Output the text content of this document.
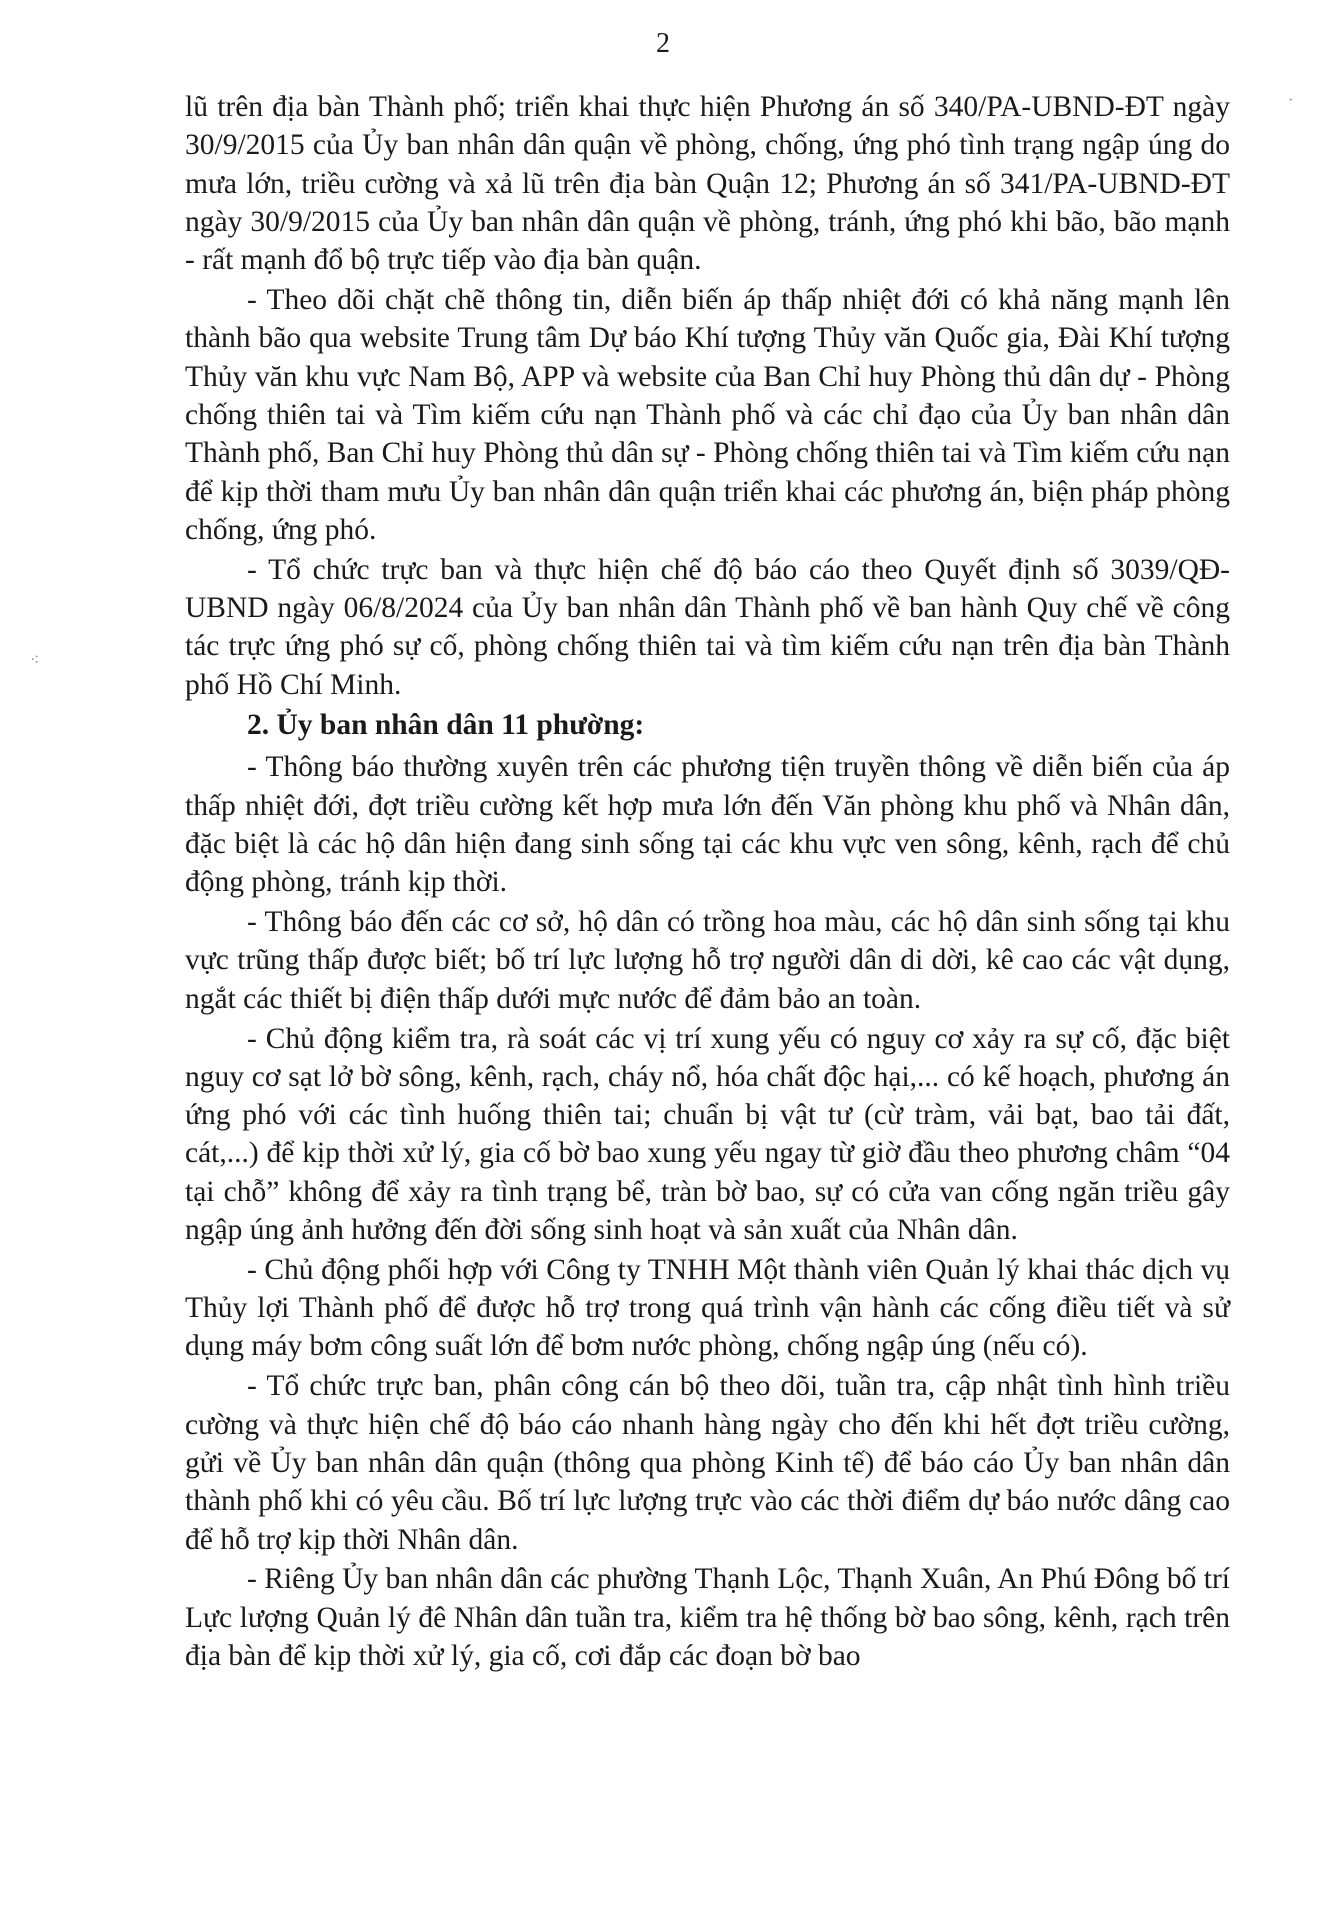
2
·
⁖

lũ trên địa bàn Thành phố; triển khai thực hiện Phương án số 340/PA-UBND-ĐT ngày 30/9/2015 của Ủy ban nhân dân quận về phòng, chống, ứng phó tình trạng ngập úng do mưa lớn, triều cường và xả lũ trên địa bàn Quận 12; Phương án số 341/PA-UBND-ĐT ngày 30/9/2015 của Ủy ban nhân dân quận về phòng, tránh, ứng phó khi bão, bão mạnh - rất mạnh đổ bộ trực tiếp vào địa bàn quận.

- Theo dõi chặt chẽ thông tin, diễn biến áp thấp nhiệt đới có khả năng mạnh lên thành bão qua website Trung tâm Dự báo Khí tượng Thủy văn Quốc gia, Đài Khí tượng Thủy văn khu vực Nam Bộ, APP và website của Ban Chỉ huy Phòng thủ dân dự - Phòng chống thiên tai và Tìm kiếm cứu nạn Thành phố và các chỉ đạo của Ủy ban nhân dân Thành phố, Ban Chỉ huy Phòng thủ dân sự - Phòng chống thiên tai và Tìm kiếm cứu nạn để kịp thời tham mưu Ủy ban nhân dân quận triển khai các phương án, biện pháp phòng chống, ứng phó.

- Tổ chức trực ban và thực hiện chế độ báo cáo theo Quyết định số 3039/QĐ-UBND ngày 06/8/2024 của Ủy ban nhân dân Thành phố về ban hành Quy chế về công tác trực ứng phó sự cố, phòng chống thiên tai và tìm kiếm cứu nạn trên địa bàn Thành phố Hồ Chí Minh.

2. Ủy ban nhân dân 11 phường:

- Thông báo thường xuyên trên các phương tiện truyền thông về diễn biến của áp thấp nhiệt đới, đợt triều cường kết hợp mưa lớn đến Văn phòng khu phố và Nhân dân, đặc biệt là các hộ dân hiện đang sinh sống tại các khu vực ven sông, kênh, rạch để chủ động phòng, tránh kịp thời.

- Thông báo đến các cơ sở, hộ dân có trồng hoa màu, các hộ dân sinh sống tại khu vực trũng thấp được biết; bố trí lực lượng hỗ trợ người dân di dời, kê cao các vật dụng, ngắt các thiết bị điện thấp dưới mực nước để đảm bảo an toàn.

- Chủ động kiểm tra, rà soát các vị trí xung yếu có nguy cơ xảy ra sự cố, đặc biệt nguy cơ sạt lở bờ sông, kênh, rạch, cháy nổ, hóa chất độc hại,... có kế hoạch, phương án ứng phó với các tình huống thiên tai; chuẩn bị vật tư (cừ tràm, vải bạt, bao tải đất, cát,...) để kịp thời xử lý, gia cố bờ bao xung yếu ngay từ giờ đầu theo phương châm “04 tại chỗ” không để xảy ra tình trạng bể, tràn bờ bao, sự có cửa van cống ngăn triều gây ngập úng ảnh hưởng đến đời sống sinh hoạt và sản xuất của Nhân dân.

- Chủ động phối hợp với Công ty TNHH Một thành viên Quản lý khai thác dịch vụ Thủy lợi Thành phố để được hỗ trợ trong quá trình vận hành các cống điều tiết và sử dụng máy bơm công suất lớn để bơm nước phòng, chống ngập úng (nếu có).

- Tổ chức trực ban, phân công cán bộ theo dõi, tuần tra, cập nhật tình hình triều cường và thực hiện chế độ báo cáo nhanh hàng ngày cho đến khi hết đợt triều cường, gửi về Ủy ban nhân dân quận (thông qua phòng Kinh tế) để báo cáo Ủy ban nhân dân thành phố khi có yêu cầu. Bố trí lực lượng trực vào các thời điểm dự báo nước dâng cao để hỗ trợ kịp thời Nhân dân.

- Riêng Ủy ban nhân dân các phường Thạnh Lộc, Thạnh Xuân, An Phú Đông bố trí Lực lượng Quản lý đê Nhân dân tuần tra, kiểm tra hệ thống bờ bao sông, kênh, rạch trên địa bàn để kịp thời xử lý, gia cố, cơi đắp các đoạn bờ bao
